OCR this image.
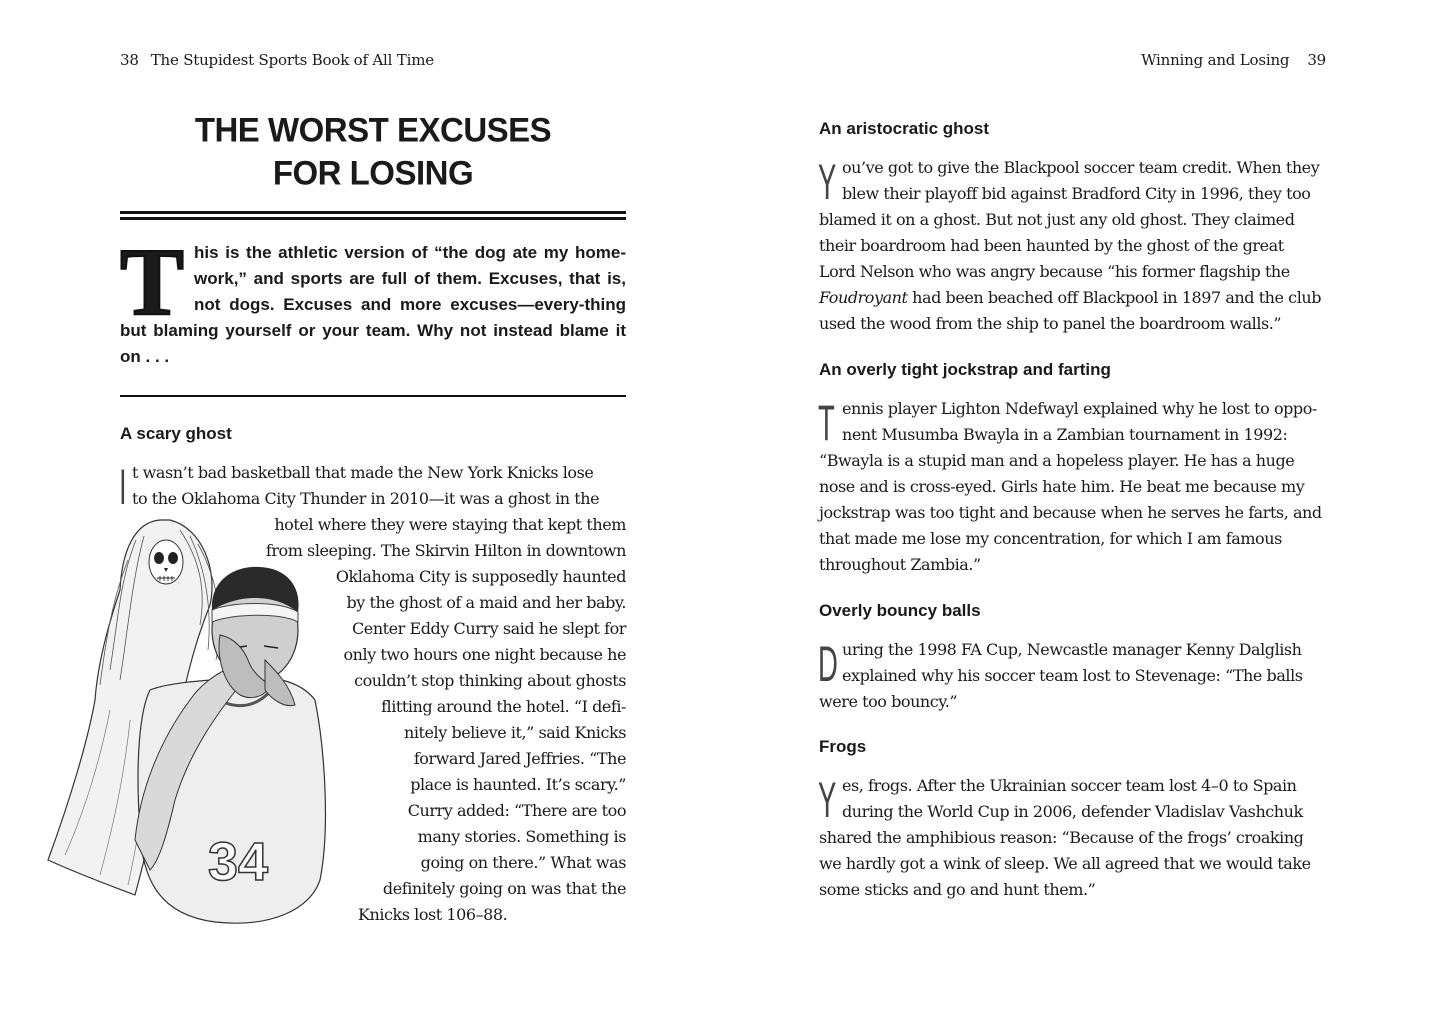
38 The Stupidest Sports Book of All Time
THE WORST EXCUSES
FOR LOSING
T his is the athletic version of “the dog ate my home-work,” and sports are full of them. Excuses, that is, not dogs. Excuses and more excuses—every-thing but blaming yourself or your team. Why not instead blame it on . . .
A scary ghost
34
I t wasn’t bad basketball that made the New York Knicks lose
to the Oklahoma City Thunder in 2010—it was a ghost in the
hotel where they were staying that kept them
from sleeping. The Skirvin Hilton in downtown
Oklahoma City is supposedly haunted
by the ghost of a maid and her baby.
Center Eddy Curry said he slept for
only two hours one night because he
couldn’t stop thinking about ghosts
flitting around the hotel. “I defi-
nitely believe it,” said Knicks
forward Jared Jeffries. “The
place is haunted. It’s scary.”
Curry added: “There are too
many stories. Something is
going on there.” What was
definitely going on was that the
Knicks lost 106–88.
Winning and Losing 39
An aristocratic ghost
Y ou’ve got to give the Blackpool soccer team credit. When they
blew their playoff bid against Bradford City in 1996, they too
blamed it on a ghost. But not just any old ghost. They claimed
their boardroom had been haunted by the ghost of the great
Lord Nelson who was angry because “his former flagship the
Foudroyant had been beached off Blackpool in 1897 and the club
used the wood from the ship to panel the boardroom walls.”
An overly tight jockstrap and farting
T ennis player Lighton Ndefwayl explained why he lost to oppo-
nent Musumba Bwayla in a Zambian tournament in 1992:
“Bwayla is a stupid man and a hopeless player. He has a huge
nose and is cross-eyed. Girls hate him. He beat me because my
jockstrap was too tight and because when he serves he farts, and
that made me lose my concentration, for which I am famous
throughout Zambia.”
Overly bouncy balls
D uring the 1998 FA Cup, Newcastle manager Kenny Dalglish
explained why his soccer team lost to Stevenage: “The balls
were too bouncy.”
Frogs
Y es, frogs. After the Ukrainian soccer team lost 4–0 to Spain
during the World Cup in 2006, defender Vladislav Vashchuk
shared the amphibious reason: “Because of the frogs’ croaking
we hardly got a wink of sleep. We all agreed that we would take
some sticks and go and hunt them.”
